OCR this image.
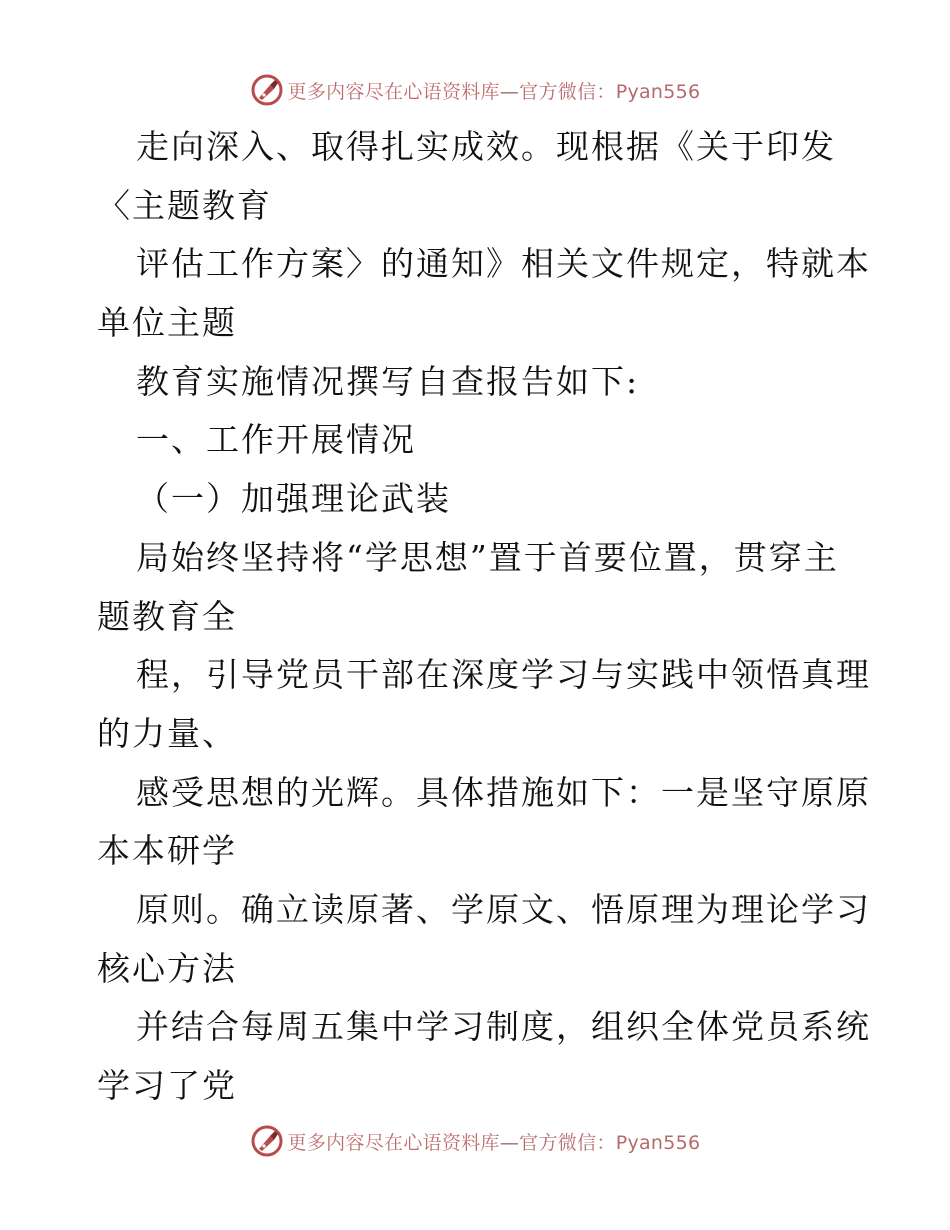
更多内容尽在心语资料库—官方微信：Pyan556
走向深入、取得扎实成效。现根据《关于印发
〈主题教育
评估工作方案〉的通知》相关文件规定，特就本
单位主题
教育实施情况撰写自查报告如下:
一、工作开展情况
（一）加强理论武装
局始终坚持将“学思想”置于首要位置，贯穿主
题教育全
程，引导党员干部在深度学习与实践中领悟真理
的力量、
感受思想的光辉。具体措施如下：一是坚守原原
本本研学
原则。确立读原著、学原文、悟原理为理论学习
核心方法
并结合每周五集中学习制度，组织全体党员系统
学习了党
更多内容尽在心语资料库—官方微信：Pyan556
